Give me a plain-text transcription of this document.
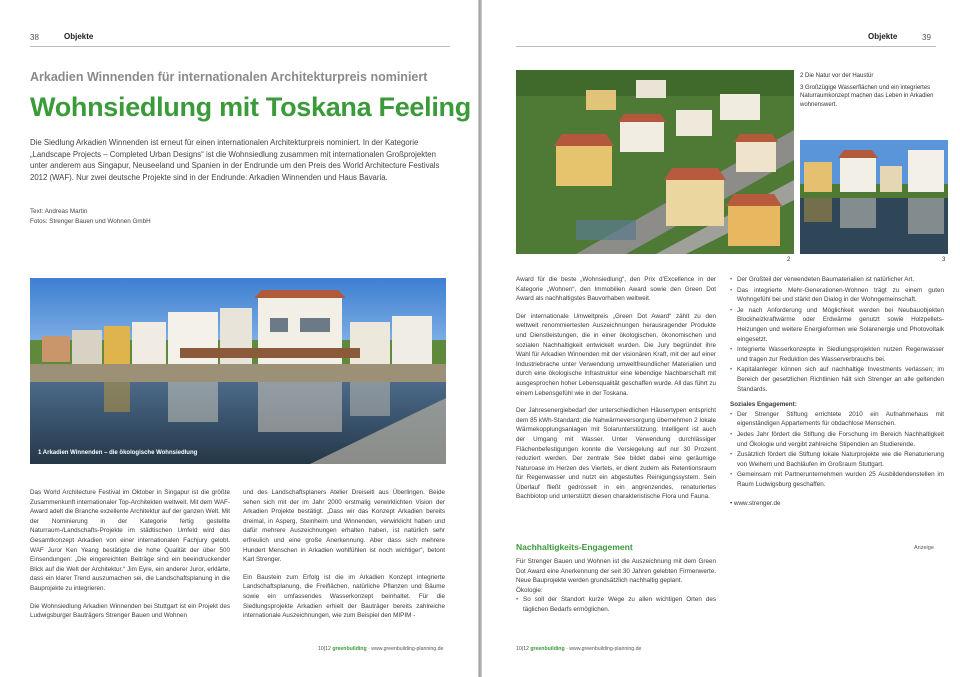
38	Objekte
Arkadien Winnenden für internationalen Architekturpreis nominiert
Wohnsiedlung mit Toskana Feeling
Die Siedlung Arkadien Winnenden ist erneut für einen internationalen Architekturpreis nominiert. In der Kategorie „Landscape Projects – Completed Urban Designs“ ist die Wohnsiedlung zusammen mit internationalen Großprojekten unter anderem aus Singapur, Neuseeland und Spanien in der Endrunde um den Preis des World Architecture Festivals 2012 (WAF). Nur zwei deutsche Projekte sind in der Endrunde: Arkadien Winnenden und Haus Bavaria.
Text: Andreas Martin
Fotos: Strenger Bauen und Wohnen GmbH
1 Arkadien Winnenden – die ökologische Wohnsiedlung

Das World Architecture Festival im Oktober in Singapur ist die größte Zusammenkunft internationaler Top-Architekten weltweit. Mit dem WAF-Award adelt die Branche exzellente Architektur auf der ganzen Welt. Mit der Nominierung in der Kategorie fertig gestellte Naturraum-/Landschafts-Projekte im städtischen Umfeld wird das Gesamtkonzept Arkadien von einer internationalen Fachjury gelobt. WAF Juror Ken Yeang bestätigte die hohe Qualität der über 500 Einsendungen: „Die eingereichten Beiträge sind ein beeindruckender Blick auf die Welt der Architektur.“ Jim Eyre, ein anderer Juror, erklärte, dass ein klarer Trend auszumachen sei, die Landschaftsplanung in die Bauprojekte zu integrieren.

Die Wohnsiedlung Arkadien Winnenden bei Stuttgart ist ein Projekt des Ludwigsburger Bauträgers Strenger Bauen und Wohnen

und des Landschaftsplaners Atelier Dreiseitl aus Überlingen. Beide sehen sich mit der im Jahr 2000 erstmalig verwirklichten Vision der Arkadien Projekte bestätigt. „Dass wir das Konzept Arkadien bereits dreimal, in Asperg, Steinheim und Winnenden, verwirklicht haben und dafür mehrere Auszeichnungen erhalten haben, ist natürlich sehr erfreulich und eine große Anerkennung. Aber dass sich mehrere Hundert Menschen in Arkadien wohlfühlen ist noch wichtiger“, betont Karl Strenger.

Ein Baustein zum Erfolg ist die im Arkadien Konzept integrierte Landschaftsplanung, die Freiflächen, natürliche Pflanzen und Bäume sowie ein umfassendes Wasserkonzept beinhaltet. Für die Siedlungsprojekte Arkadien erhielt der Bauträger bereits zahlreiche internationale Auszeichnungen, wie zum Beispiel den MIPIM -

10|12 greenbuilding · www.greenbuilding-planning.de
Objekte	39
2
2 Die Natur vor der Haustür
3 Großzügige Wasserflächen und ein integriertes Naturraumkonzept machen das Leben in Arkadien wohnenswert.
3

Award für die beste „Wohnsiedlung“, den Prix d’Excellence in der Kategorie „Wohnen“, den Immobilien Award sowie den Green Dot Award als nachhaltigstes Bauvorhaben weltweit.

Der internationale Umweltpreis „Green Dot Award“ zählt zu den weltweit renommiertesten Auszeichnungen herausragender Produkte und Dienstleistungen, die in einer ökologischen, ökonomischen und sozialen Nachhaltigkeit entwickelt wurden. Die Jury begründet ihre Wahl für Arkadien Winnenden mit der visionären Kraft, mit der auf einer Industriebrache unter Verwendung umweltfreundlicher Materialien und durch eine ökologische Infrastruktur eine lebendige Nachbarschaft mit ausgesprochen hoher Lebensqualität geschaffen wurde. All das führt zu einem Lebensgefühl wie in der Toskana.

Der Jahresenergiebedarf der unterschiedlichen Häusertypen entspricht dem 85 kWh-Standard; die Nahwärmeversorgung übernehmen 2 lokale Wärmekopplungsanlagen mit Solarunterstützung. Intelligent ist auch der Umgang mit Wasser. Unter Verwendung durchlässiger Flächenbefestigungen konnte die Versiegelung auf nur 30 Prozent reduziert werden. Der zentrale See bildet dabei eine geräumige Naturoase im Herzen des Viertels, er dient zudem als Retentionsraum für Regenwasser und nutzt ein abgestuftes Reinigungssystem. Sein Überlauf fließt gedrosselt in ein angrenzendes, renaturiertes Bachbiotop und unterstützt diesen charakteristische Flora und Fauna.

Nachhaltigkeits-Engagement
Für Strenger Bauen und Wohnen ist die Auszeichnung mit dem Green Dot Award eine Anerkennung der seit 30 Jahren gelebten Firmenwerte. Neue Bauprojekte werden grundsätzlich nachhaltig geplant.
Ökologie:
• So soll der Standort kurze Wege zu allen wichtigen Orten des täglichen Bedarfs ermöglichen.
• Der Großteil der verwendeten Baumaterialien ist natürlicher Art.
• Das integrierte Mehr-Generationen-Wohnen trägt zu einem guten Wohngefühl bei und stärkt den Dialog in der Wohngemeinschaft.
• Je nach Anforderung und Möglichkeit werden bei Neubauobjekten Blockheizkraftwärme oder Erdwärme genutzt sowie Holzpellets-Heizungen und weitere Energieformen wie Solarenergie und Photovoltaik eingesetzt.
• Integrierte Wasserkonzepte in Siedlungsprojekten nutzen Regenwasser und tragen zur Reduktion des Wasserverbrauchs bei.
• Kapitalanleger können sich auf nachhaltige Investments verlassen; im Bereich der gesetzlichen Richtlinien hält sich Strenger an alle geltenden Standards.
Soziales Engagement:
• Der Strenger Stiftung errichtete 2010 ein Aufnahmehaus mit eigenständigen Appartements für obdachlose Menschen.
• Jedes Jahr fördert die Stiftung die Forschung im Bereich Nachhaltigkeit und Ökologie und vergibt zahlreiche Stipendien an Studierende.
• Zusätzlich fördert die Stiftung lokale Naturprojekte wie die Renaturierung von Weihern und Bachläufen im Großraum Stuttgart.
• Gemeinsam mit Partnerunternehmen wurden 25 Ausbildendenstellen im Raum Ludwigsburg geschaffen.
• www.strenger.de
Anzeige
10|12 greenbuilding · www.greenbuilding-planning.de
